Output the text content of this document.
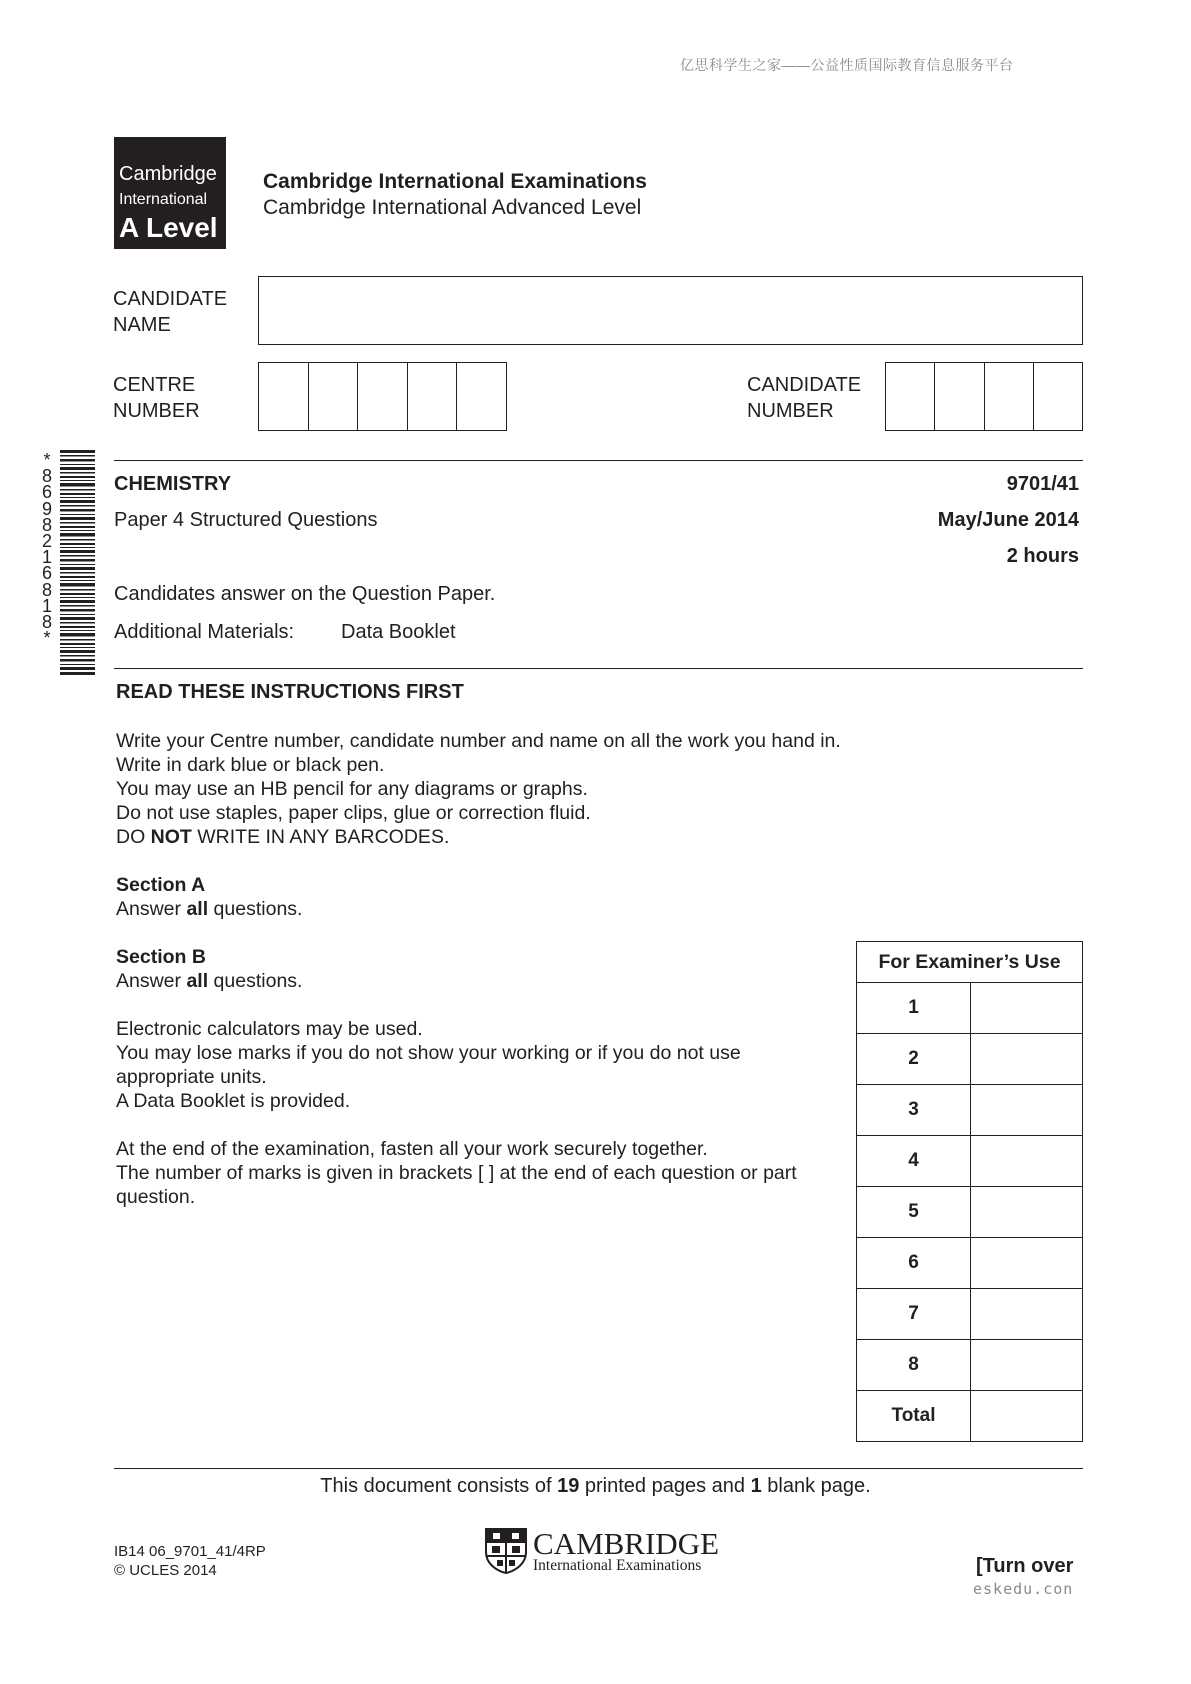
亿思科学生之家——公益性质国际教育信息服务平台
Cambridge
International
A Level
Cambridge International Examinations
Cambridge International Advanced Level
CANDIDATE
NAME
CENTRE
NUMBER
CANDIDATE
NUMBER
*
8
6
9
8
2
1
6
8
1
8
*
CHEMISTRY	9701/41
Paper 4 Structured Questions	May/June 2014
2 hours
Candidates answer on the Question Paper.
Additional Materials: Data Booklet
READ THESE INSTRUCTIONS FIRST
Write your Centre number, candidate number and name on all the work you hand in.
Write in dark blue or black pen.
You may use an HB pencil for any diagrams or graphs.
Do not use staples, paper clips, glue or correction fluid.
DO NOT WRITE IN ANY BARCODES.
Section A
Answer all questions.
Section B
Answer all questions.
Electronic calculators may be used.
You may lose marks if you do not show your working or if you do not use
appropriate units.
A Data Booklet is provided.
At the end of the examination, fasten all your work securely together.
The number of marks is given in brackets [ ] at the end of each question or part
question.
For Examiner’s Use	
1	
2	
3	
4	
5	
6	
7	
8	
Total	
This document consists of 19 printed pages and 1 blank page.
IB14 06_9701_41/4RP
© UCLES 2014
CAMBRIDGE
International Examinations	[Turn over
eskedu.con
